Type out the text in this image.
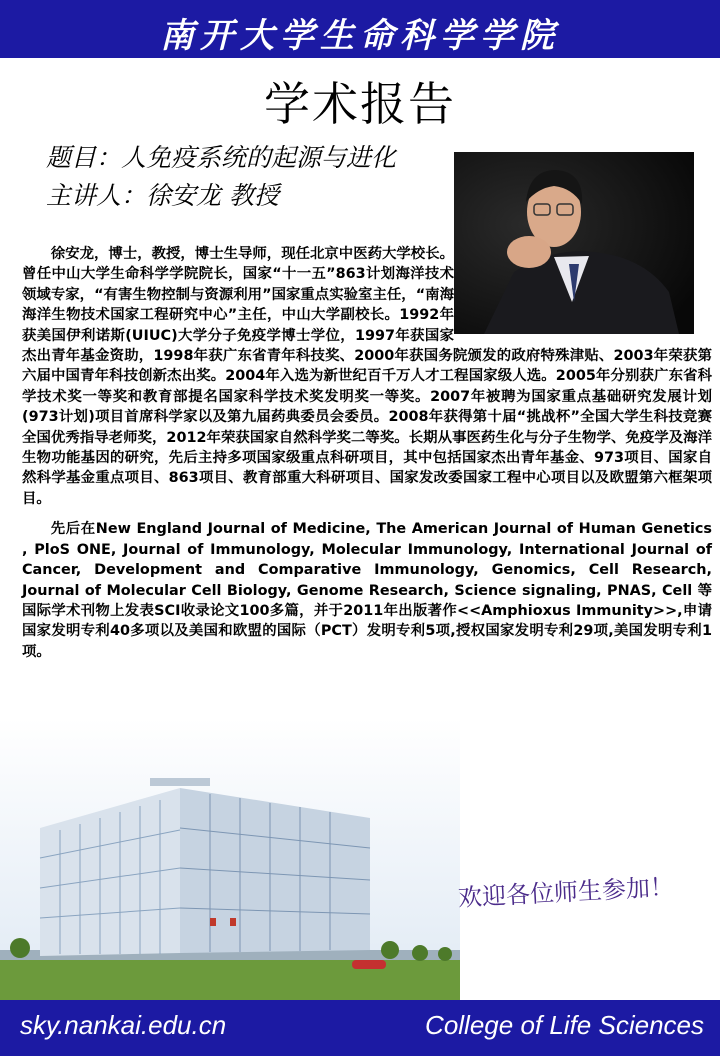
南开大学生命科学学院
学术报告
题目：人免疫系统的起源与进化
主讲人：徐安龙 教授

徐安龙，博士，教授，博士生导师，现任北京中医药大学校长。曾任中山大学生命科学学院院长，国家“十一五”863计划海洋技术领域专家，“有害生物控制与资源利用”国家重点实验室主任，“南海海洋生物技术国家工程研究中心”主任，中山大学副校长。1992年获美国伊利诺斯(UIUC)大学分子免疫学博士学位，1997年获国家杰出青年基金资助，1998年获广东省青年科技奖、2000年获国务院颁发的政府特殊津贴、2003年荣获第六届中国青年科技创新杰出奖。2004年入选为新世纪百千万人才工程国家级人选。2005年分别获广东省科学技术奖一等奖和教育部提名国家科学技术奖发明奖一等奖。2007年被聘为国家重点基础研究发展计划(973计划)项目首席科学家以及第九届药典委员会委员。2008年获得第十届“挑战杯”全国大学生科技竞赛全国优秀指导老师奖，2012年荣获国家自然科学奖二等奖。长期从事医药生化与分子生物学、免疫学及海洋生物功能基因的研究，先后主持多项国家级重点科研项目，其中包括国家杰出青年基金、973项目、国家自然科学基金重点项目、863项目、教育部重大科研项目、国家发改委国家工程中心项目以及欧盟第六框架项目。

先后在New England Journal of Medicine, The American Journal of Human Genetics , PloS ONE, Journal of Immunology, Molecular Immunology, International Journal of Cancer, Development and Comparative Immunology, Genomics, Cell Research, Journal of Molecular Cell Biology, Genome Research, Science signaling, PNAS, Cell 等国际学术刊物上发表SCI收录论文100多篇，并于2011年出版著作<<Amphioxus Immunity>>,申请国家发明专利40多项以及美国和欧盟的国际（PCT）发明专利5项,授权国家发明专利29项,美国发明专利1项。

欢迎各位师生参加！
sky.nankai.edu.cn	College of Life Sciences
